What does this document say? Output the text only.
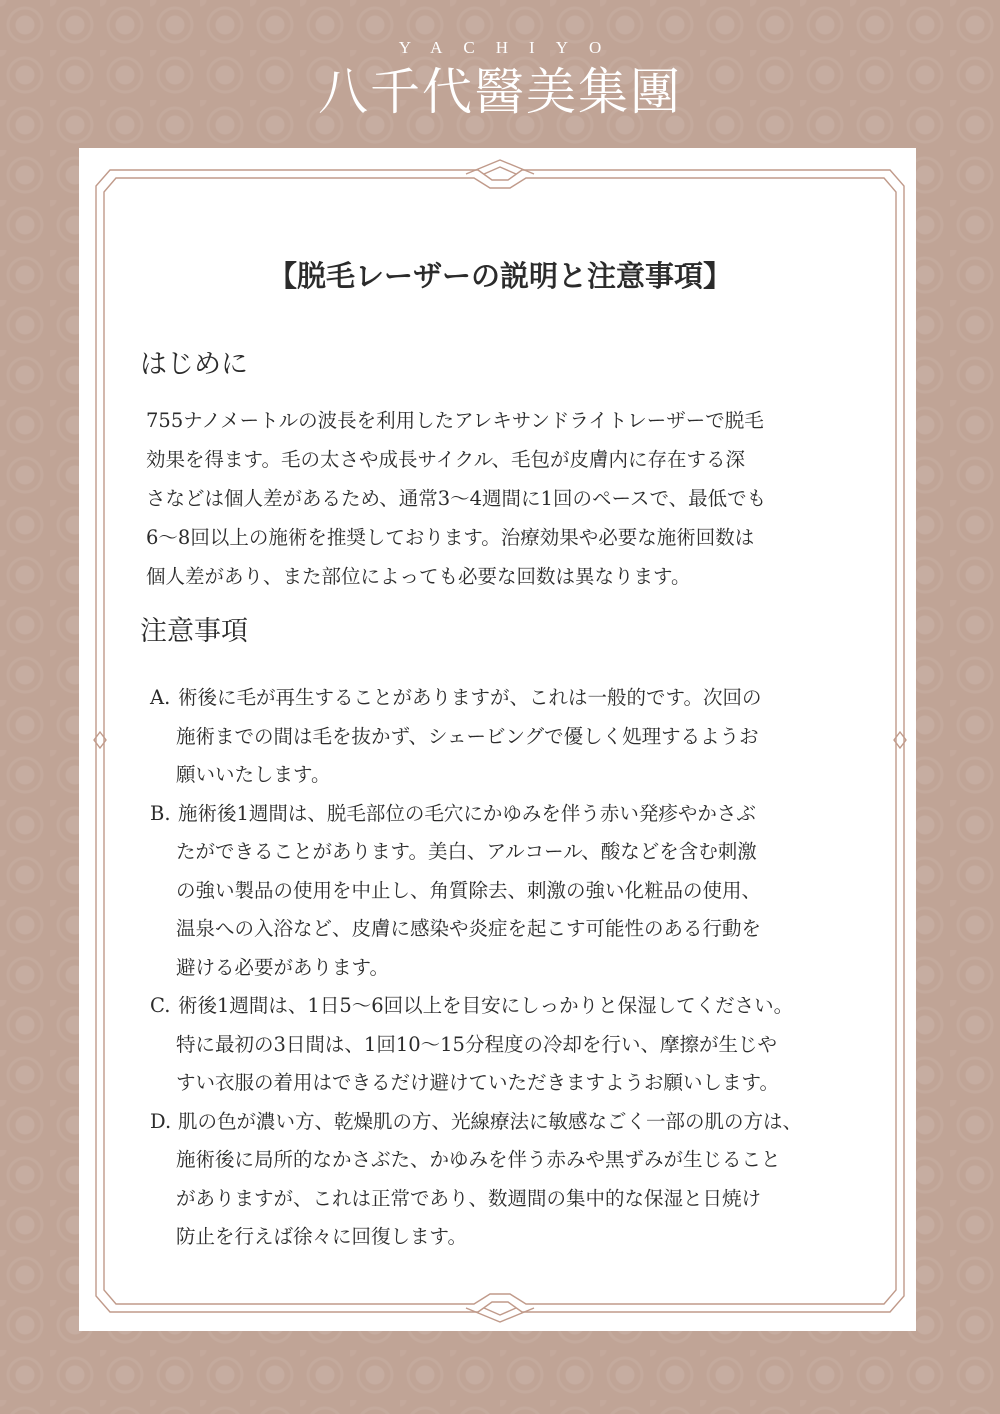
YACHIYO
八千代醫美集團
【脱毛レーザーの説明と注意事項】
はじめに
755ナノメートルの波長を利用したアレキサンドライトレーザーで脱毛
効果を得ます。毛の太さや成長サイクル、毛包が皮膚内に存在する深
さなどは個人差があるため、通常3〜4週間に1回のペースで、最低でも
6〜8回以上の施術を推奨しております。治療効果や必要な施術回数は
個人差があり、また部位によっても必要な回数は異なります。
注意事項
A. 術後に毛が再生することがありますが、これは一般的です。次回の
施術までの間は毛を抜かず、シェービングで優しく処理するようお
願いいたします。
B. 施術後1週間は、脱毛部位の毛穴にかゆみを伴う赤い発疹やかさぶ
たができることがあります。美白、アルコール、酸などを含む刺激
の強い製品の使用を中止し、角質除去、刺激の強い化粧品の使用、
温泉への入浴など、皮膚に感染や炎症を起こす可能性のある行動を
避ける必要があります。
C. 術後1週間は、1日5〜6回以上を目安にしっかりと保湿してください。
特に最初の3日間は、1回10〜15分程度の冷却を行い、摩擦が生じや
すい衣服の着用はできるだけ避けていただきますようお願いします。
D. 肌の色が濃い方、乾燥肌の方、光線療法に敏感なごく一部の肌の方は、
施術後に局所的なかさぶた、かゆみを伴う赤みや黒ずみが生じること
がありますが、これは正常であり、数週間の集中的な保湿と日焼け
防止を行えば徐々に回復します。
